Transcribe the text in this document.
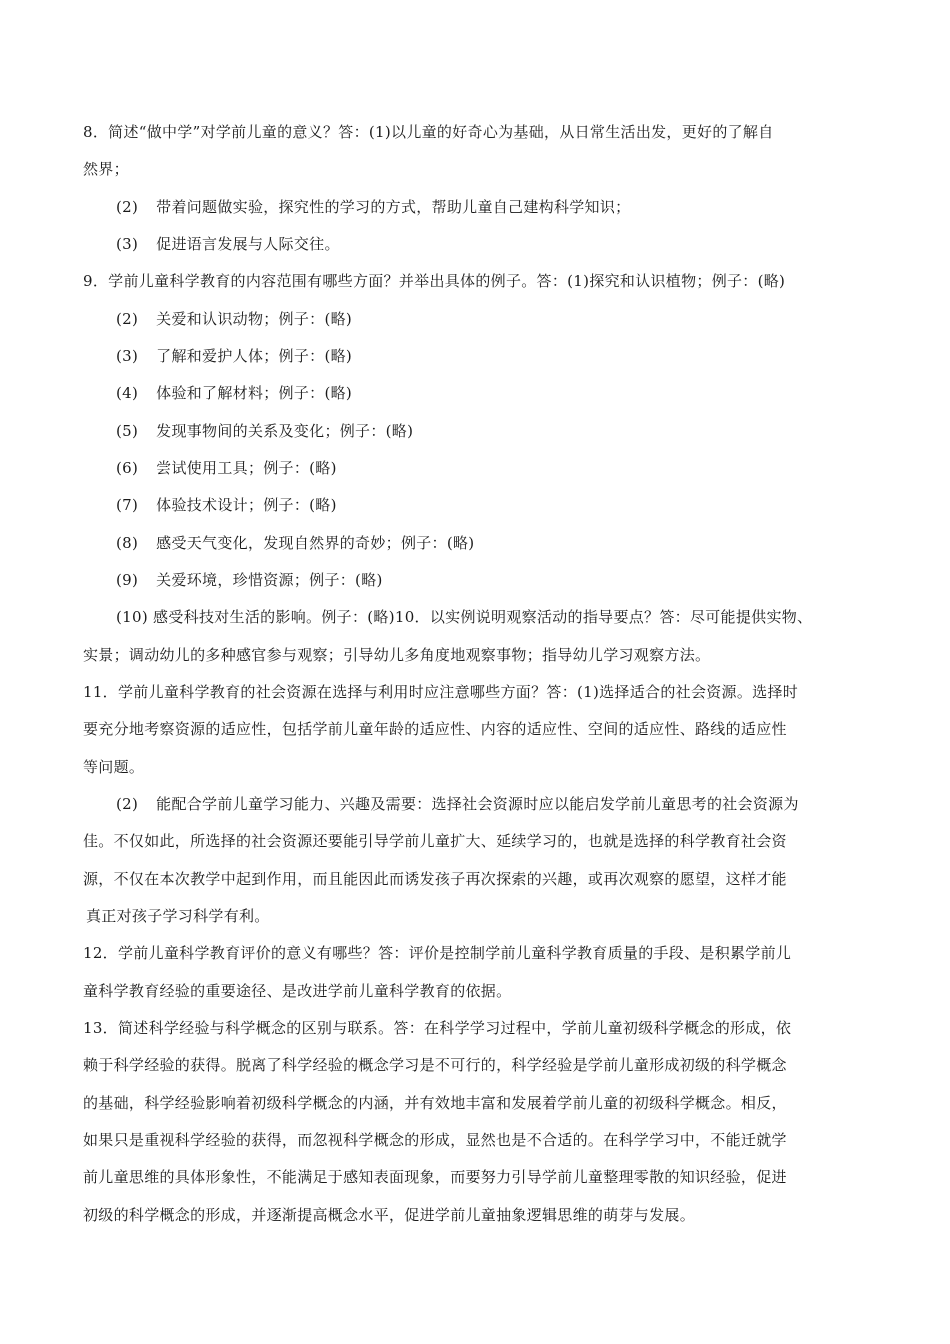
8．简述“做中学”对学前儿童的意义？答：(1)以儿童的好奇心为基础，从日常生活出发，更好的了解自
然界；
(2) 带着问题做实验，探究性的学习的方式，帮助儿童自己建构科学知识；
(3) 促进语言发展与人际交往。
9．学前儿童科学教育的内容范围有哪些方面？并举出具体的例子。答：(1)探究和认识植物；例子：(略)
(2) 关爱和认识动物；例子：(略)
(3) 了解和爱护人体；例子：(略)
(4) 体验和了解材料；例子：(略)
(5) 发现事物间的关系及变化；例子：(略)
(6) 尝试使用工具；例子：(略)
(7) 体验技术设计；例子：(略)
(8) 感受天气变化，发现自然界的奇妙；例子：(略)
(9) 关爱环境，珍惜资源；例子：(略)
(10) 感受科技对生活的影响。例子：(略)10．以实例说明观察活动的指导要点？答：尽可能提供实物、
实景；调动幼儿的多种感官参与观察；引导幼儿多角度地观察事物；指导幼儿学习观察方法。
11．学前儿童科学教育的社会资源在选择与利用时应注意哪些方面？答：(1)选择适合的社会资源。选择时
要充分地考察资源的适应性，包括学前儿童年龄的适应性、内容的适应性、空间的适应性、路线的适应性
等问题。
(2) 能配合学前儿童学习能力、兴趣及需要：选择社会资源时应以能启发学前儿童思考的社会资源为
佳。不仅如此，所选择的社会资源还要能引导学前儿童扩大、延续学习的，也就是选择的科学教育社会资
源，不仅在本次教学中起到作用，而且能因此而诱发孩子再次探索的兴趣，或再次观察的愿望，这样才能
真正对孩子学习科学有利。
12．学前儿童科学教育评价的意义有哪些？答：评价是控制学前儿童科学教育质量的手段、是积累学前儿
童科学教育经验的重要途径、是改进学前儿童科学教育的依据。
13．简述科学经验与科学概念的区别与联系。答：在科学学习过程中，学前儿童初级科学概念的形成，依
赖于科学经验的获得。脱离了科学经验的概念学习是不可行的，科学经验是学前儿童形成初级的科学概念
的基础，科学经验影响着初级科学概念的内涵，并有效地丰富和发展着学前儿童的初级科学概念。相反，
如果只是重视科学经验的获得，而忽视科学概念的形成，显然也是不合适的。在科学学习中，不能迁就学
前儿童思维的具体形象性，不能满足于感知表面现象，而要努力引导学前儿童整理零散的知识经验，促进
初级的科学概念的形成，并逐渐提高概念水平，促进学前儿童抽象逻辑思维的萌芽与发展。
